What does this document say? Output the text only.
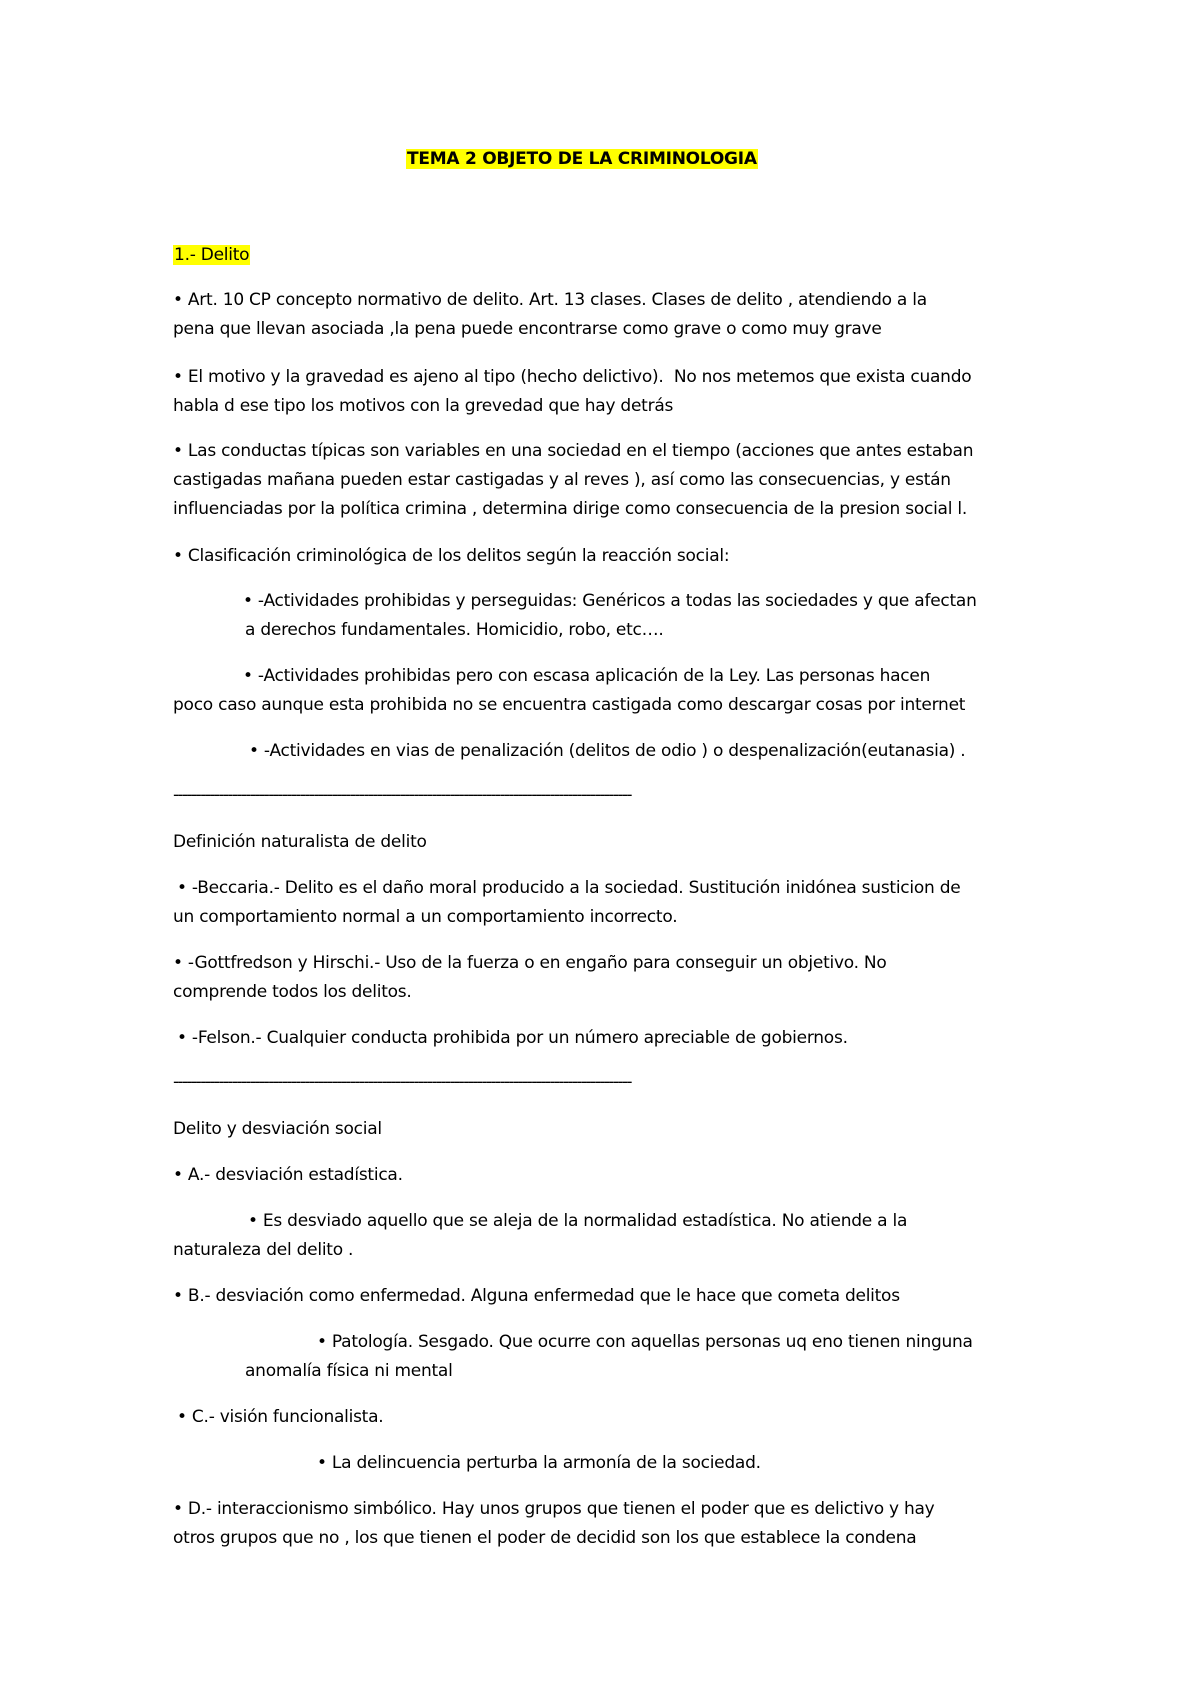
TEMA 2 OBJETO DE LA CRIMINOLOGIA
1.- Delito
• Art. 10 CP concepto normativo de delito. Art. 13 clases. Clases de delito , atendiendo a la
pena que llevan asociada ,la pena puede encontrarse como grave o como muy grave
• El motivo y la gravedad es ajeno al tipo (hecho delictivo).  No nos metemos que exista cuando
habla d ese tipo los motivos con la grevedad que hay detrás
• Las conductas típicas son variables en una sociedad en el tiempo (acciones que antes estaban
castigadas mañana pueden estar castigadas y al reves ), así como las consecuencias, y están
influenciadas por la política crimina , determina dirige como consecuencia de la presion social l.
• Clasificación criminológica de los delitos según la reacción social:
• -Actividades prohibidas y perseguidas: Genéricos a todas las sociedades y que afectan
a derechos fundamentales. Homicidio, robo, etc….
• -Actividades prohibidas pero con escasa aplicación de la Ley. Las personas hacen
poco caso aunque esta prohibida no se encuentra castigada como descargar cosas por internet
• -Actividades en vias de penalización (delitos de odio ) o despenalización(eutanasia) .
-----------------------------------------------------------------------------------------------------
Definición naturalista de delito
• -Beccaria.- Delito es el daño moral producido a la sociedad. Sustitución inidónea susticion de
un comportamiento normal a un comportamiento incorrecto.
• -Gottfredson y Hirschi.- Uso de la fuerza o en engaño para conseguir un objetivo. No
comprende todos los delitos.
• -Felson.- Cualquier conducta prohibida por un número apreciable de gobiernos.
-----------------------------------------------------------------------------------------------------
Delito y desviación social
• A.- desviación estadística.
• Es desviado aquello que se aleja de la normalidad estadística. No atiende a la
naturaleza del delito .
• B.- desviación como enfermedad. Alguna enfermedad que le hace que cometa delitos
• Patología. Sesgado. Que ocurre con aquellas personas uq eno tienen ninguna
anomalía física ni mental
• C.- visión funcionalista.
• La delincuencia perturba la armonía de la sociedad.
• D.- interaccionismo simbólico. Hay unos grupos que tienen el poder que es delictivo y hay
otros grupos que no , los que tienen el poder de decidid son los que establece la condena
